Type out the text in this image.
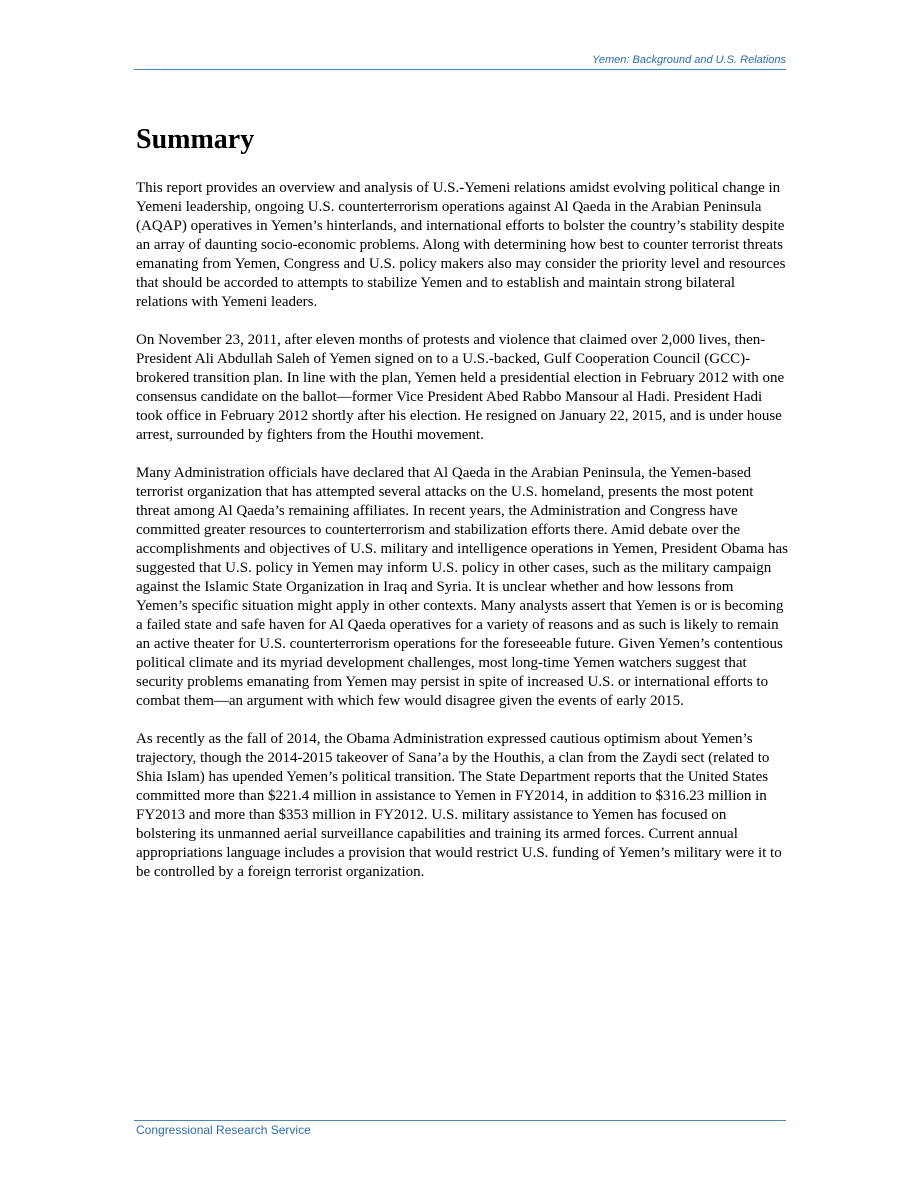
Yemen: Background and U.S. Relations
Summary

This report provides an overview and analysis of U.S.-Yemeni relations amidst evolving political change in Yemeni leadership, ongoing U.S. counterterrorism operations against Al Qaeda in the Arabian Peninsula (AQAP) operatives in Yemen’s hinterlands, and international efforts to bolster the country’s stability despite an array of daunting socio-economic problems. Along with determining how best to counter terrorist threats emanating from Yemen, Congress and U.S. policy makers also may consider the priority level and resources that should be accorded to attempts to stabilize Yemen and to establish and maintain strong bilateral relations with Yemeni leaders.

On November 23, 2011, after eleven months of protests and violence that claimed over 2,000 lives, then-President Ali Abdullah Saleh of Yemen signed on to a U.S.-backed, Gulf Cooperation Council (GCC)-brokered transition plan. In line with the plan, Yemen held a presidential election in February 2012 with one consensus candidate on the ballot—former Vice President Abed Rabbo Mansour al Hadi. President Hadi took office in February 2012 shortly after his election. He resigned on January 22, 2015, and is under house arrest, surrounded by fighters from the Houthi movement.

Many Administration officials have declared that Al Qaeda in the Arabian Peninsula, the Yemen-based terrorist organization that has attempted several attacks on the U.S. homeland, presents the most potent threat among Al Qaeda’s remaining affiliates. In recent years, the Administration and Congress have committed greater resources to counterterrorism and stabilization efforts there. Amid debate over the accomplishments and objectives of U.S. military and intelligence operations in Yemen, President Obama has suggested that U.S. policy in Yemen may inform U.S. policy in other cases, such as the military campaign against the Islamic State Organization in Iraq and Syria. It is unclear whether and how lessons from Yemen’s specific situation might apply in other contexts. Many analysts assert that Yemen is or is becoming a failed state and safe haven for Al Qaeda operatives for a variety of reasons and as such is likely to remain an active theater for U.S. counterterrorism operations for the foreseeable future. Given Yemen’s contentious political climate and its myriad development challenges, most long-time Yemen watchers suggest that security problems emanating from Yemen may persist in spite of increased U.S. or international efforts to combat them—an argument with which few would disagree given the events of early 2015.

As recently as the fall of 2014, the Obama Administration expressed cautious optimism about Yemen’s trajectory, though the 2014-2015 takeover of Sana’a by the Houthis, a clan from the Zaydi sect (related to Shia Islam) has upended Yemen’s political transition. The State Department reports that the United States committed more than $221.4 million in assistance to Yemen in FY2014, in addition to $316.23 million in FY2013 and more than $353 million in FY2012. U.S. military assistance to Yemen has focused on bolstering its unmanned aerial surveillance capabilities and training its armed forces. Current annual appropriations language includes a provision that would restrict U.S. funding of Yemen’s military were it to be controlled by a foreign terrorist organization.

Congressional Research Service
